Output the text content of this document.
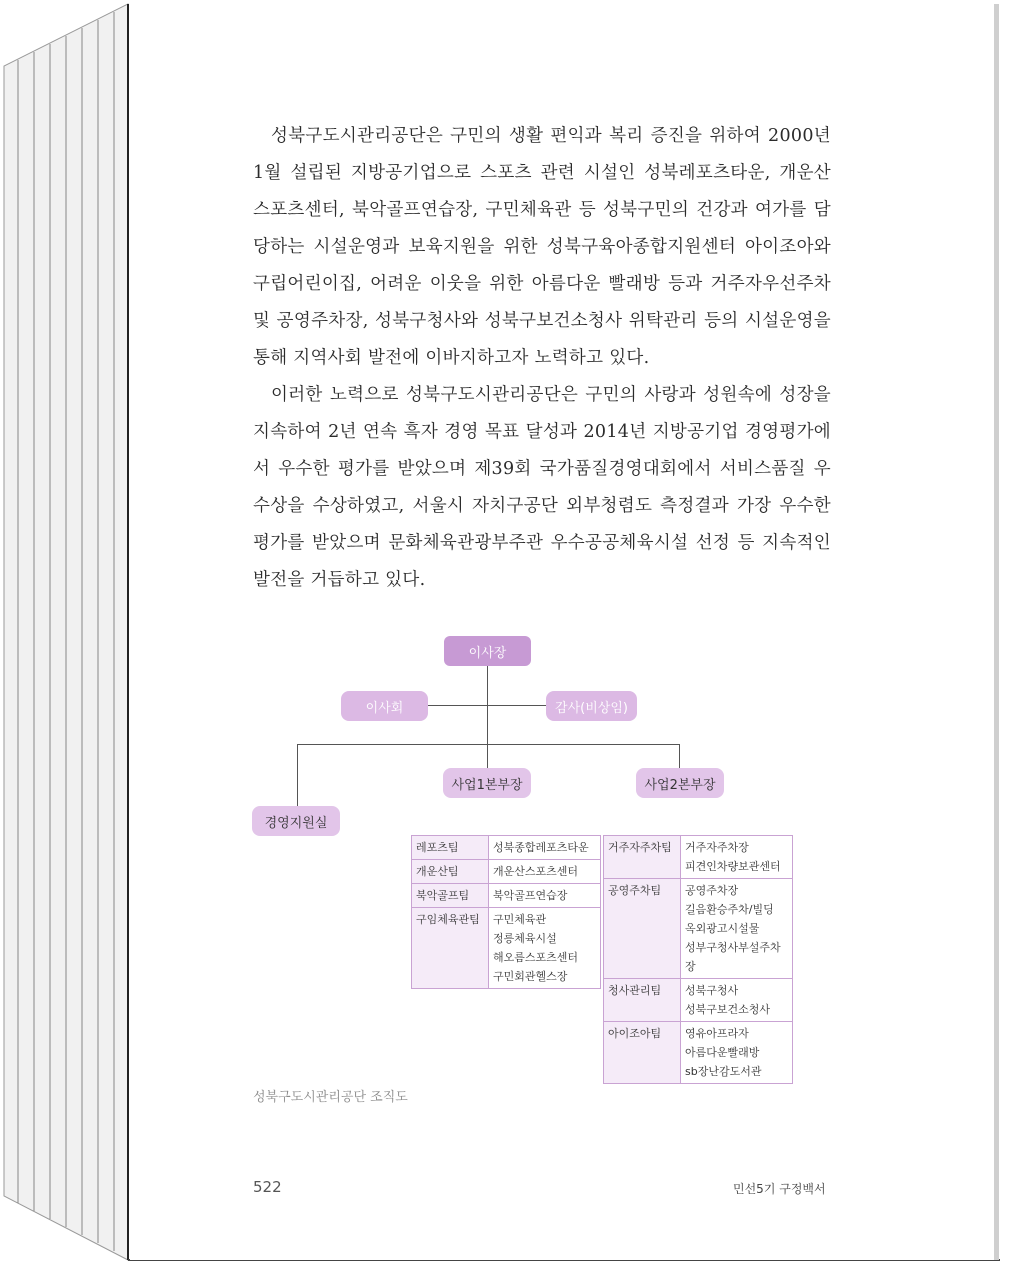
성북구도시관리공단은 구민의 생활 편익과 복리 증진을 위하여 2000년 1월 설립된 지방공기업으로 스포츠 관련 시설인 성북레포츠타운, 개운산 스포츠센터, 북악골프연습장, 구민체육관 등 성북구민의 건강과 여가를 담당하는 시설운영과 보육지원을 위한 성북구육아종합지원센터 아이조아와 구립어린이집, 어려운 이웃을 위한 아름다운 빨래방 등과 거주자우선주차 및 공영주차장, 성북구청사와 성북구보건소청사 위탁관리 등의 시설운영을 통해 지역사회 발전에 이바지하고자 노력하고 있다.

이러한 노력으로 성북구도시관리공단은 구민의 사랑과 성원속에 성장을 지속하여 2년 연속 흑자 경영 목표 달성과 2014년 지방공기업 경영평가에서 우수한 평가를 받았으며 제39회 국가품질경영대회에서 서비스품질 우수상을 수상하였고, 서울시 자치구공단 외부청렴도 측정결과 가장 우수한 평가를 받았으며 문화체육관광부주관 우수공공체육시설 선정 등 지속적인 발전을 거듭하고 있다.

이사장
이사회	감사(비상임)
사업1본부장	사업2본부장
경영지원실
레포츠팀	성북종합레포츠타운
개운산팀	개운산스포츠센터
북악골프팀	북악골프연습장
구임체육관팀	구민체육관
정릉체육시설
해오름스포츠센터
구민회관헬스장
거주자주차팀	거주자주차장
피견인차량보관센터

공영주차팀	공영주차장
길음환승주차/빌딩
옥외광고시설물
성부구청사부설주차장

청사관리팀	성북구청사
성북구보건소청사

아이조아팀	영유아프라자
아름다운빨래방
sb장난감도서관
성북구도시관리공단 조직도
522	민선5기 구정백서
